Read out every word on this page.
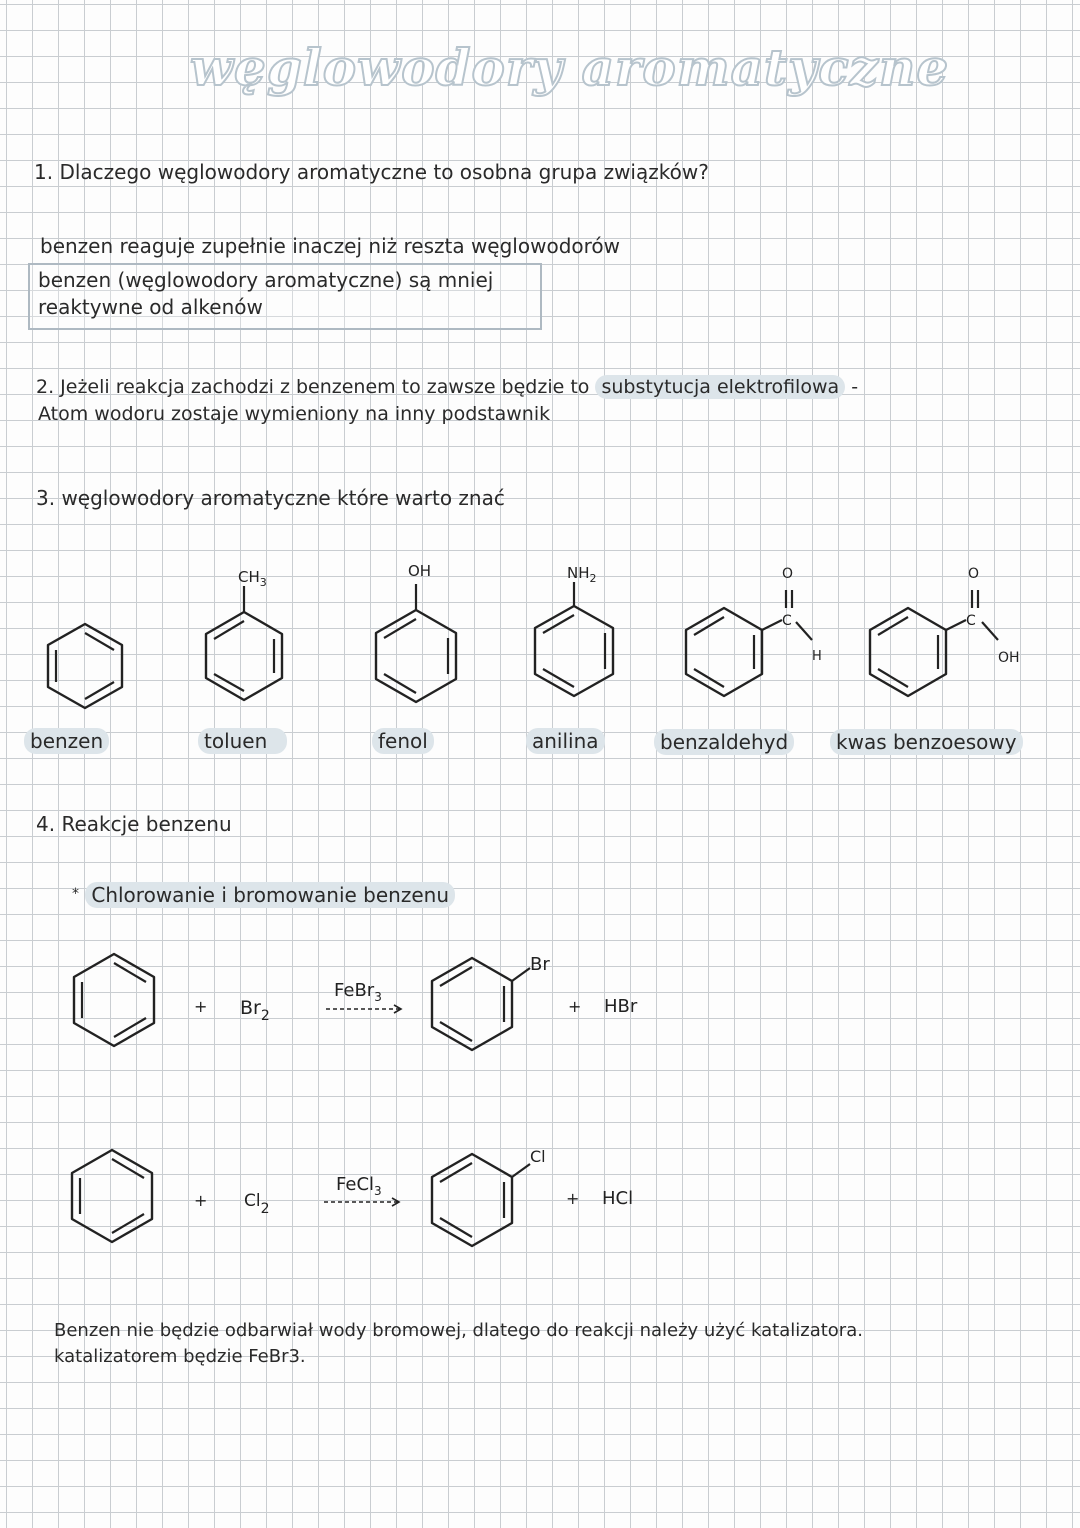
węglowodory aromatyczne
1. Dlaczego węglowodory aromatyczne to osobna grupa związków?
benzen reaguje zupełnie inaczej niż reszta węglowodorów
benzen (węglowodory aromatyczne) są mniej
reaktywne od alkenów
2. Jeżeli reakcja zachodzi z benzenem to zawsze będzie to substytucja elektrofilowa -
Atom wodoru zostaje wymieniony na inny podstawnik
3. węglowodory aromatyczne które warto znać
$CH_3$
OH	$NH_2$
C
O
H
C
O
OH
benzen	toluen	fenol	anilina	benzaldehyd	kwas benzoesowy
4. Reakcje benzenu
* Chlorowanie i bromowanie benzenu
Br
FeBr$_3$
+ $Br_2$	+ HBr
Cl
FeCl$_3$
+ $Cl_2$
+ HCl
Benzen nie będzie odbarwiał wody bromowej, dlatego do reakcji należy użyć katalizatora.
katalizatorem będzie FeBr3.
